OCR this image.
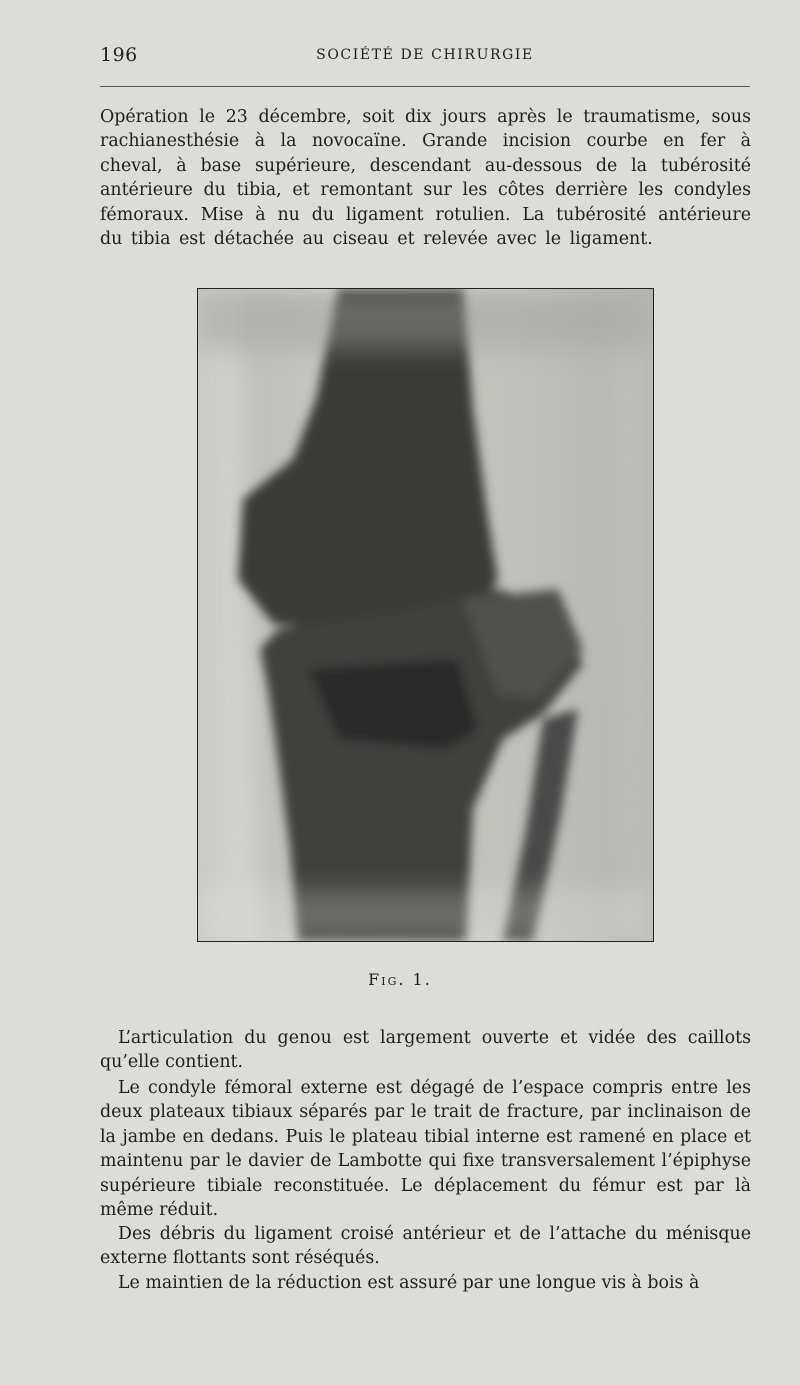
196	SOCIÉTÉ DE CHIRURGIE

Opération le 23 décembre, soit dix jours après le traumatisme, sous rachianesthésie à la novocaïne. Grande incision courbe en fer à cheval, à base supérieure, descendant au-dessous de la tubérosité antérieure du tibia, et remontant sur les côtes derrière les condyles fémoraux. Mise à nu du ligament rotulien. La tubérosité antérieure du tibia est détachée au ciseau et relevée avec le ligament.

Fig. 1.

L’articulation du genou est largement ouverte et vidée des caillots qu’elle contient.

Le condyle fémoral externe est dégagé de l’espace compris entre les deux plateaux tibiaux séparés par le trait de fracture, par inclinaison de la jambe en dedans. Puis le plateau tibial interne est ramené en place et maintenu par le davier de Lambotte qui fixe transversalement l’épiphyse supérieure tibiale reconstituée. Le déplacement du fémur est par là même réduit.

Des débris du ligament croisé antérieur et de l’attache du ménisque externe flottants sont réséqués.

Le maintien de la réduction est assuré par une longue vis à bois à
